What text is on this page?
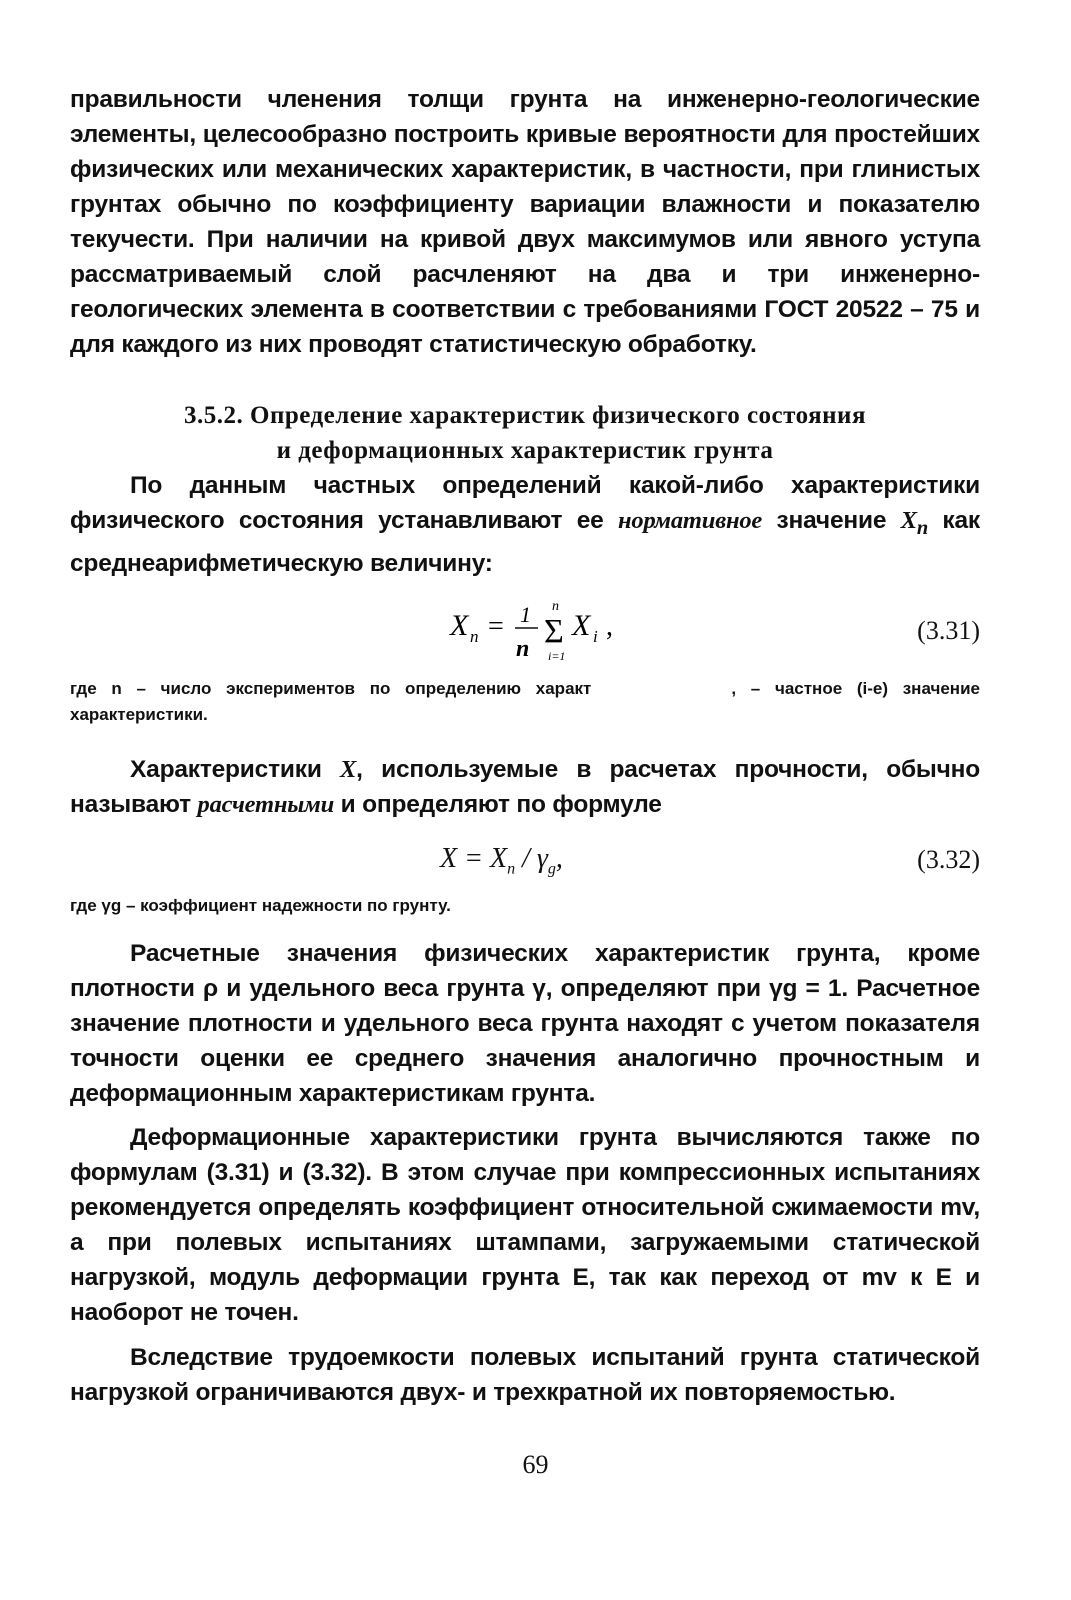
правильности членения толщи грунта на инженерно-геологические элементы, целесообразно построить кривые вероятности для простейших физических или механических характеристик, в частности, при глинистых грунтах обычно по коэффициенту вариации влажности и показателю текучести. При наличии на кривой двух максимумов или явного уступа рассматриваемый слой расчленяют на два и три инженерно-геологических элемента в соответствии с требованиями ГОСТ 20522 – 75 и для каждого из них проводят статистическую обработку.

3.5.2. Определение характеристик физического состояния
и деформационных характеристик грунта

По данным частных определений какой-либо характеристики физического состояния устанавливают ее нормативное значение $X_n$ как среднеарифметическую величину:

X n = 1
n Σ
n
i=1
X i ,	(3.31)

где n – число экспериментов по определению характ	, – частное (i-е) значение характеристики.

Характеристики X, используемые в расчетах прочности, обычно называют расчетными и определяют по формуле

$X = X_n / \gamma_g$,	(3.32)

где γg – коэффициент надежности по грунту.

Расчетные значения физических характеристик грунта, кроме плотности ρ и удельного веса грунта γ, определяют при γg = 1. Расчетное значение плотности и удельного веса грунта находят с учетом показателя точности оценки ее среднего значения аналогично прочностным и деформационным характеристикам грунта.

Деформационные характеристики грунта вычисляются также по формулам (3.31) и (3.32). В этом случае при компрессионных испытаниях рекомендуется определять коэффициент относительной сжимаемости mv, а при полевых испытаниях штампами, загружаемыми статической нагрузкой, модуль деформации грунта E, так как переход от mv к E и наоборот не точен.

Вследствие трудоемкости полевых испытаний грунта статической нагрузкой ограничиваются двух- и трехкратной их повторяемостью.

69
